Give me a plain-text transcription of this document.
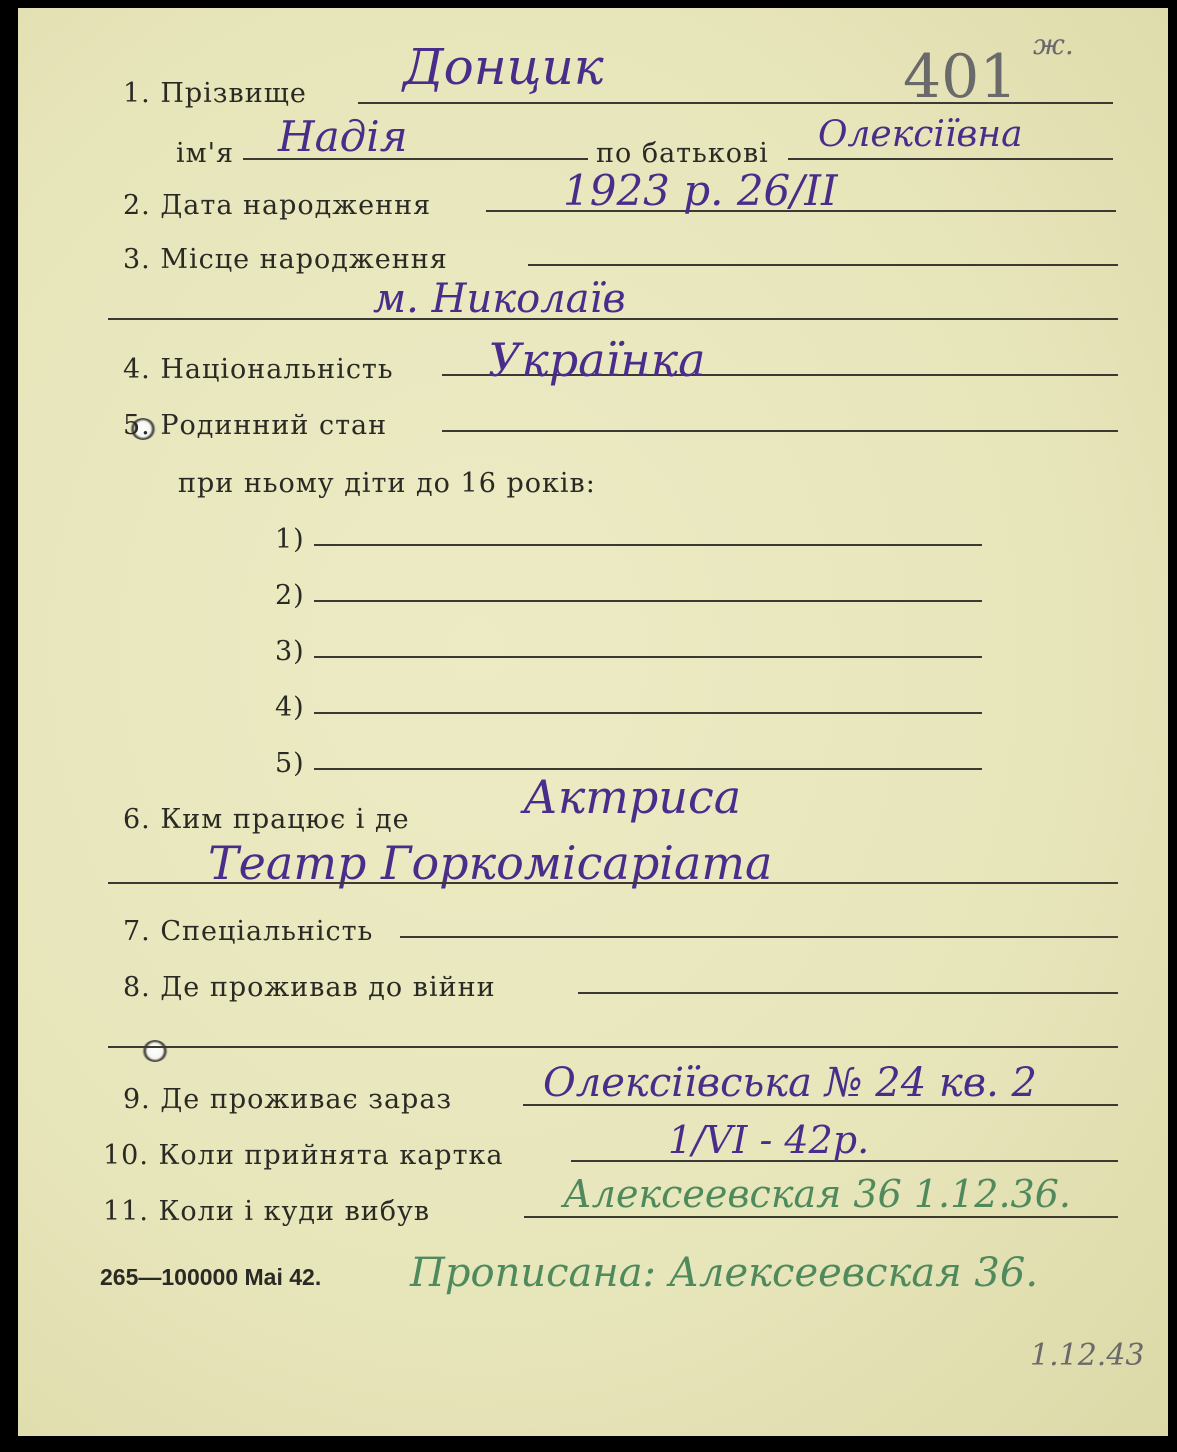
1. Прізвище Донцик	401 ж.
ім'я Надія	по батькові Олексіївна
2. Дата народження	1923 р. 26/ІІ
3. Місце народження
м. Николаїв
4. Національність Українка
5. Родинний стан
при ньому діти до 16 років:
1)
2)
3)
4)
5)
6. Ким працює і де Актриса
Театр Горкомісаріата
7. Спеціальність
8. Де проживав до війни
9. Де проживає зараз Олексіївська № 24 кв. 2
10. Коли прийнята картка	1/VI - 42р.
11. Коли і куди вибув	Алексеевская 36 1.12.36.
265—100000 Mai 42. Прописана: Алексеевская 36.
1.12.43
